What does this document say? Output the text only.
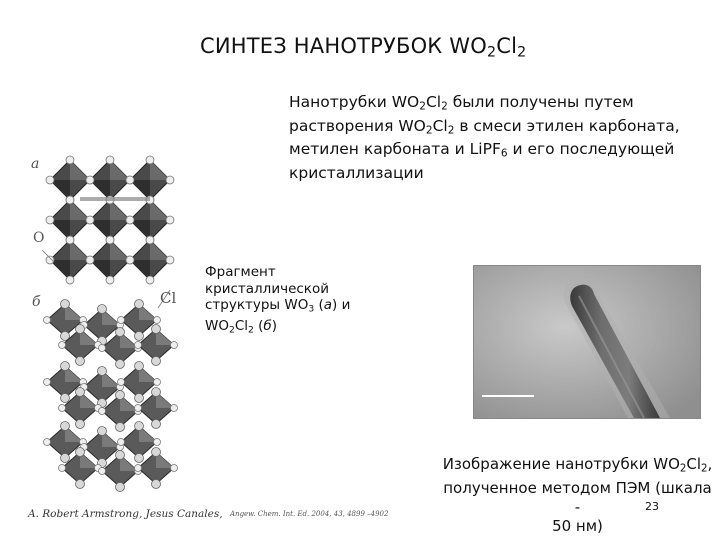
СИНТЕЗ НАНОТРУБОК $WO_2Cl_2$
Нанотрубки $WO_2Cl_2$ были получены путем
растворения $WO_2Cl_2$ в смеси этилен карбоната,
метилен карбоната и LiPF$_6$ и его последующей
кристаллизации
а
б
O
Cl
Фрагмент
кристаллической
структуры $WO_3$ (а) и
$WO_2Cl_2$ (б)
Изображение нанотрубки $WO_2Cl_2$,
полученное методом ПЭМ (шкала -
50 нм)
23
A. Robert Armstrong, Jesus Canales, Angew. Chem. Int. Ed. 2004, 43, 4899 –4902
